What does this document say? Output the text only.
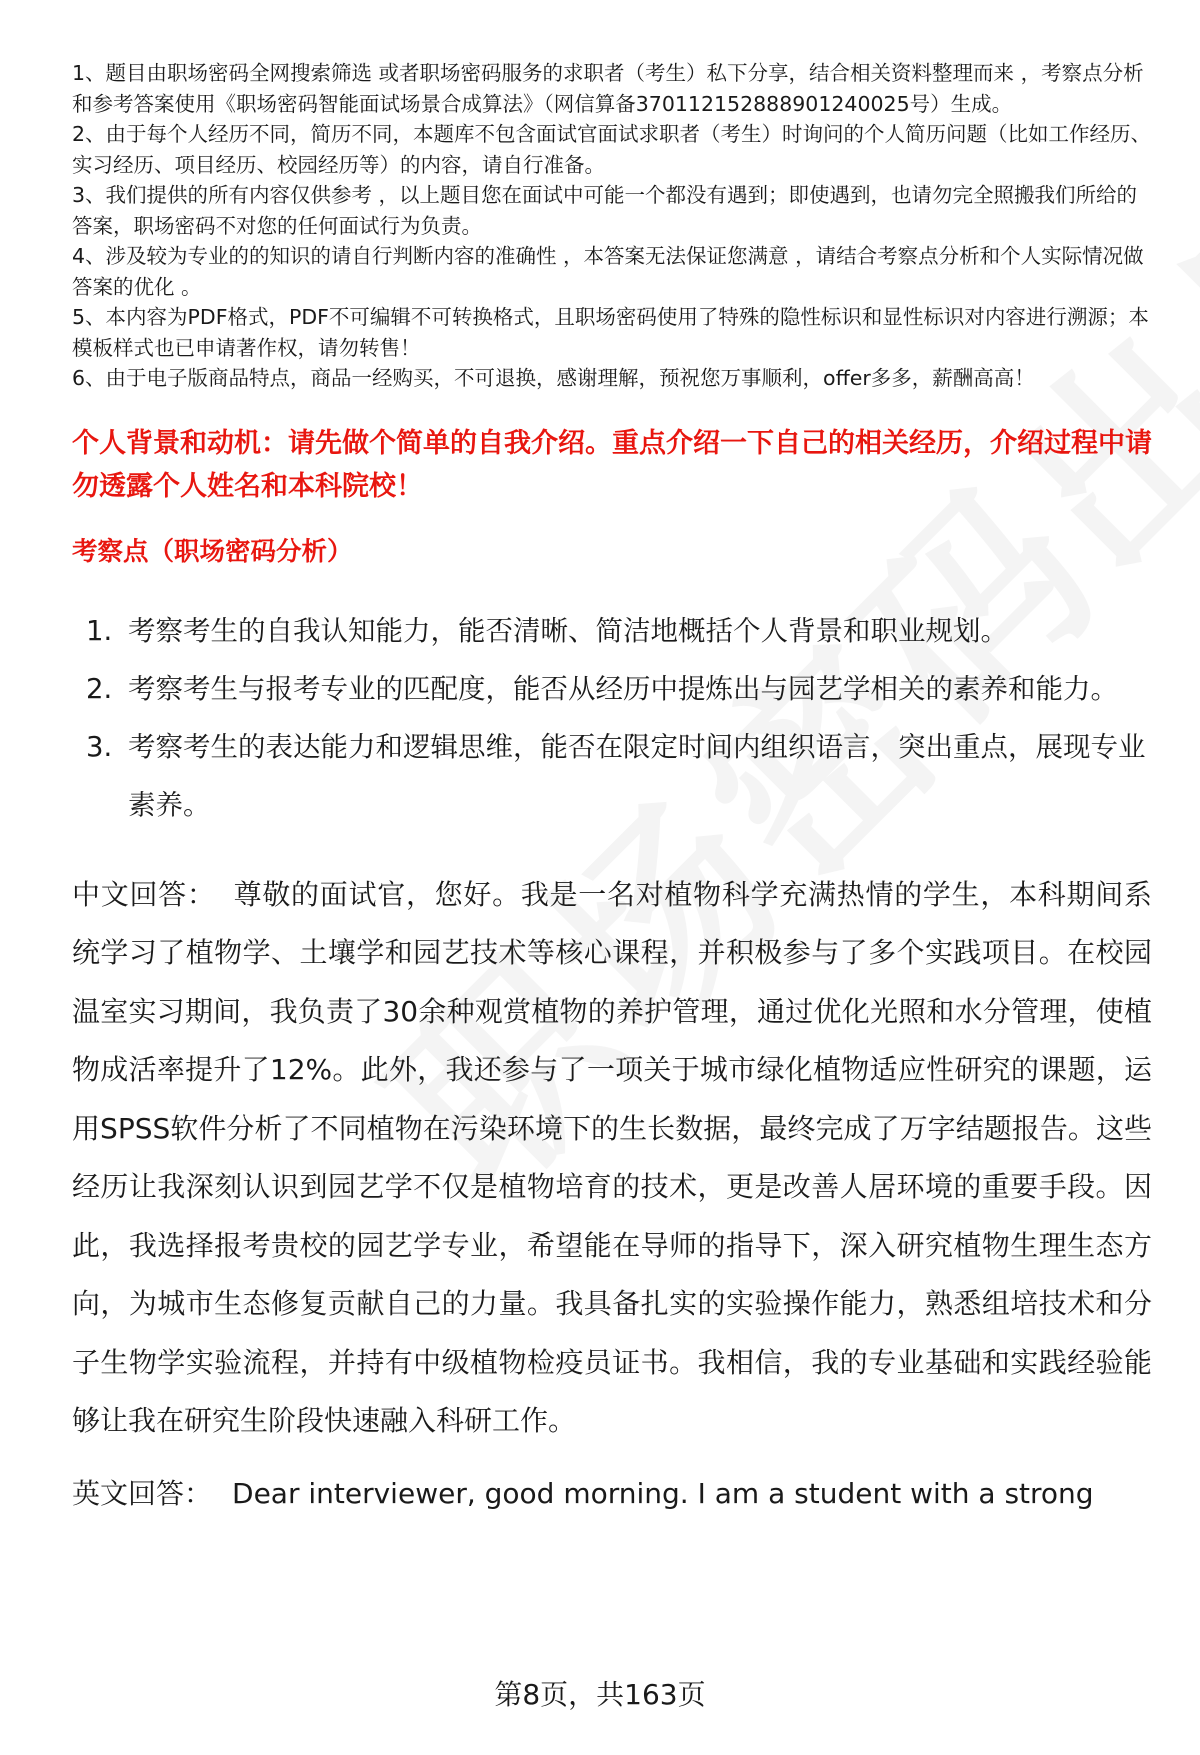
1、题目由职场密码全网搜索筛选 或者职场密码服务的求职者（考生）私下分享，结合相关资料整理而来 ，考察点分析和参考答案使用《职场密码智能面试场景合成算法》（网信算备370112152888901240025号）生成。
2、由于每个人经历不同，简历不同，本题库不包含面试官面试求职者（考生）时询问的个人简历问题（比如工作经历、实习经历、项目经历、校园经历等）的内容，请自行准备。
3、我们提供的所有内容仅供参考 ，以上题目您在面试中可能一个都没有遇到；即使遇到，也请勿完全照搬我们所给的答案，职场密码不对您的任何面试行为负责。
4、涉及较为专业的的知识的请自行判断内容的准确性 ，本答案无法保证您满意 ，请结合考察点分析和个人实际情况做答案的优化 。
5、本内容为PDF格式，PDF不可编辑不可转换格式，且职场密码使用了特殊的隐性标识和显性标识对内容进行溯源；本模板样式也已申请著作权，请勿转售！
6、由于电子版商品特点，商品一经购买，不可退换，感谢理解，预祝您万事顺利，offer多多，薪酬高高！
个人背景和动机：请先做个简单的自我介绍。重点介绍一下自己的相关经历，介绍过程中请勿透露个人姓名和本科院校！
考察点（职场密码分析）
1. 考察考生的自我认知能力，能否清晰、简洁地概括个人背景和职业规划。
2. 考察考生与报考专业的匹配度，能否从经历中提炼出与园艺学相关的素养和能力。
3. 考察考生的表达能力和逻辑思维，能否在限定时间内组织语言，突出重点，展现专业素养。
中文回答： 尊敬的面试官，您好。我是一名对植物科学充满热情的学生，本科期间系统学习了植物学、土壤学和园艺技术等核心课程，并积极参与了多个实践项目。在校园温室实习期间，我负责了30余种观赏植物的养护管理，通过优化光照和水分管理，使植物成活率提升了12%。此外，我还参与了一项关于城市绿化植物适应性研究的课题，运用SPSS软件分析了不同植物在污染环境下的生长数据，最终完成了万字结题报告。这些经历让我深刻认识到园艺学不仅是植物培育的技术，更是改善人居环境的重要手段。因此，我选择报考贵校的园艺学专业，希望能在导师的指导下，深入研究植物生理生态方向，为城市生态修复贡献自己的力量。我具备扎实的实验操作能力，熟悉组培技术和分子生物学实验流程，并持有中级植物检疫员证书。我相信，我的专业基础和实践经验能够让我在研究生阶段快速融入科研工作。
英文回答： Dear interviewer, good morning. I am a student with a strong
第8页，共163页
